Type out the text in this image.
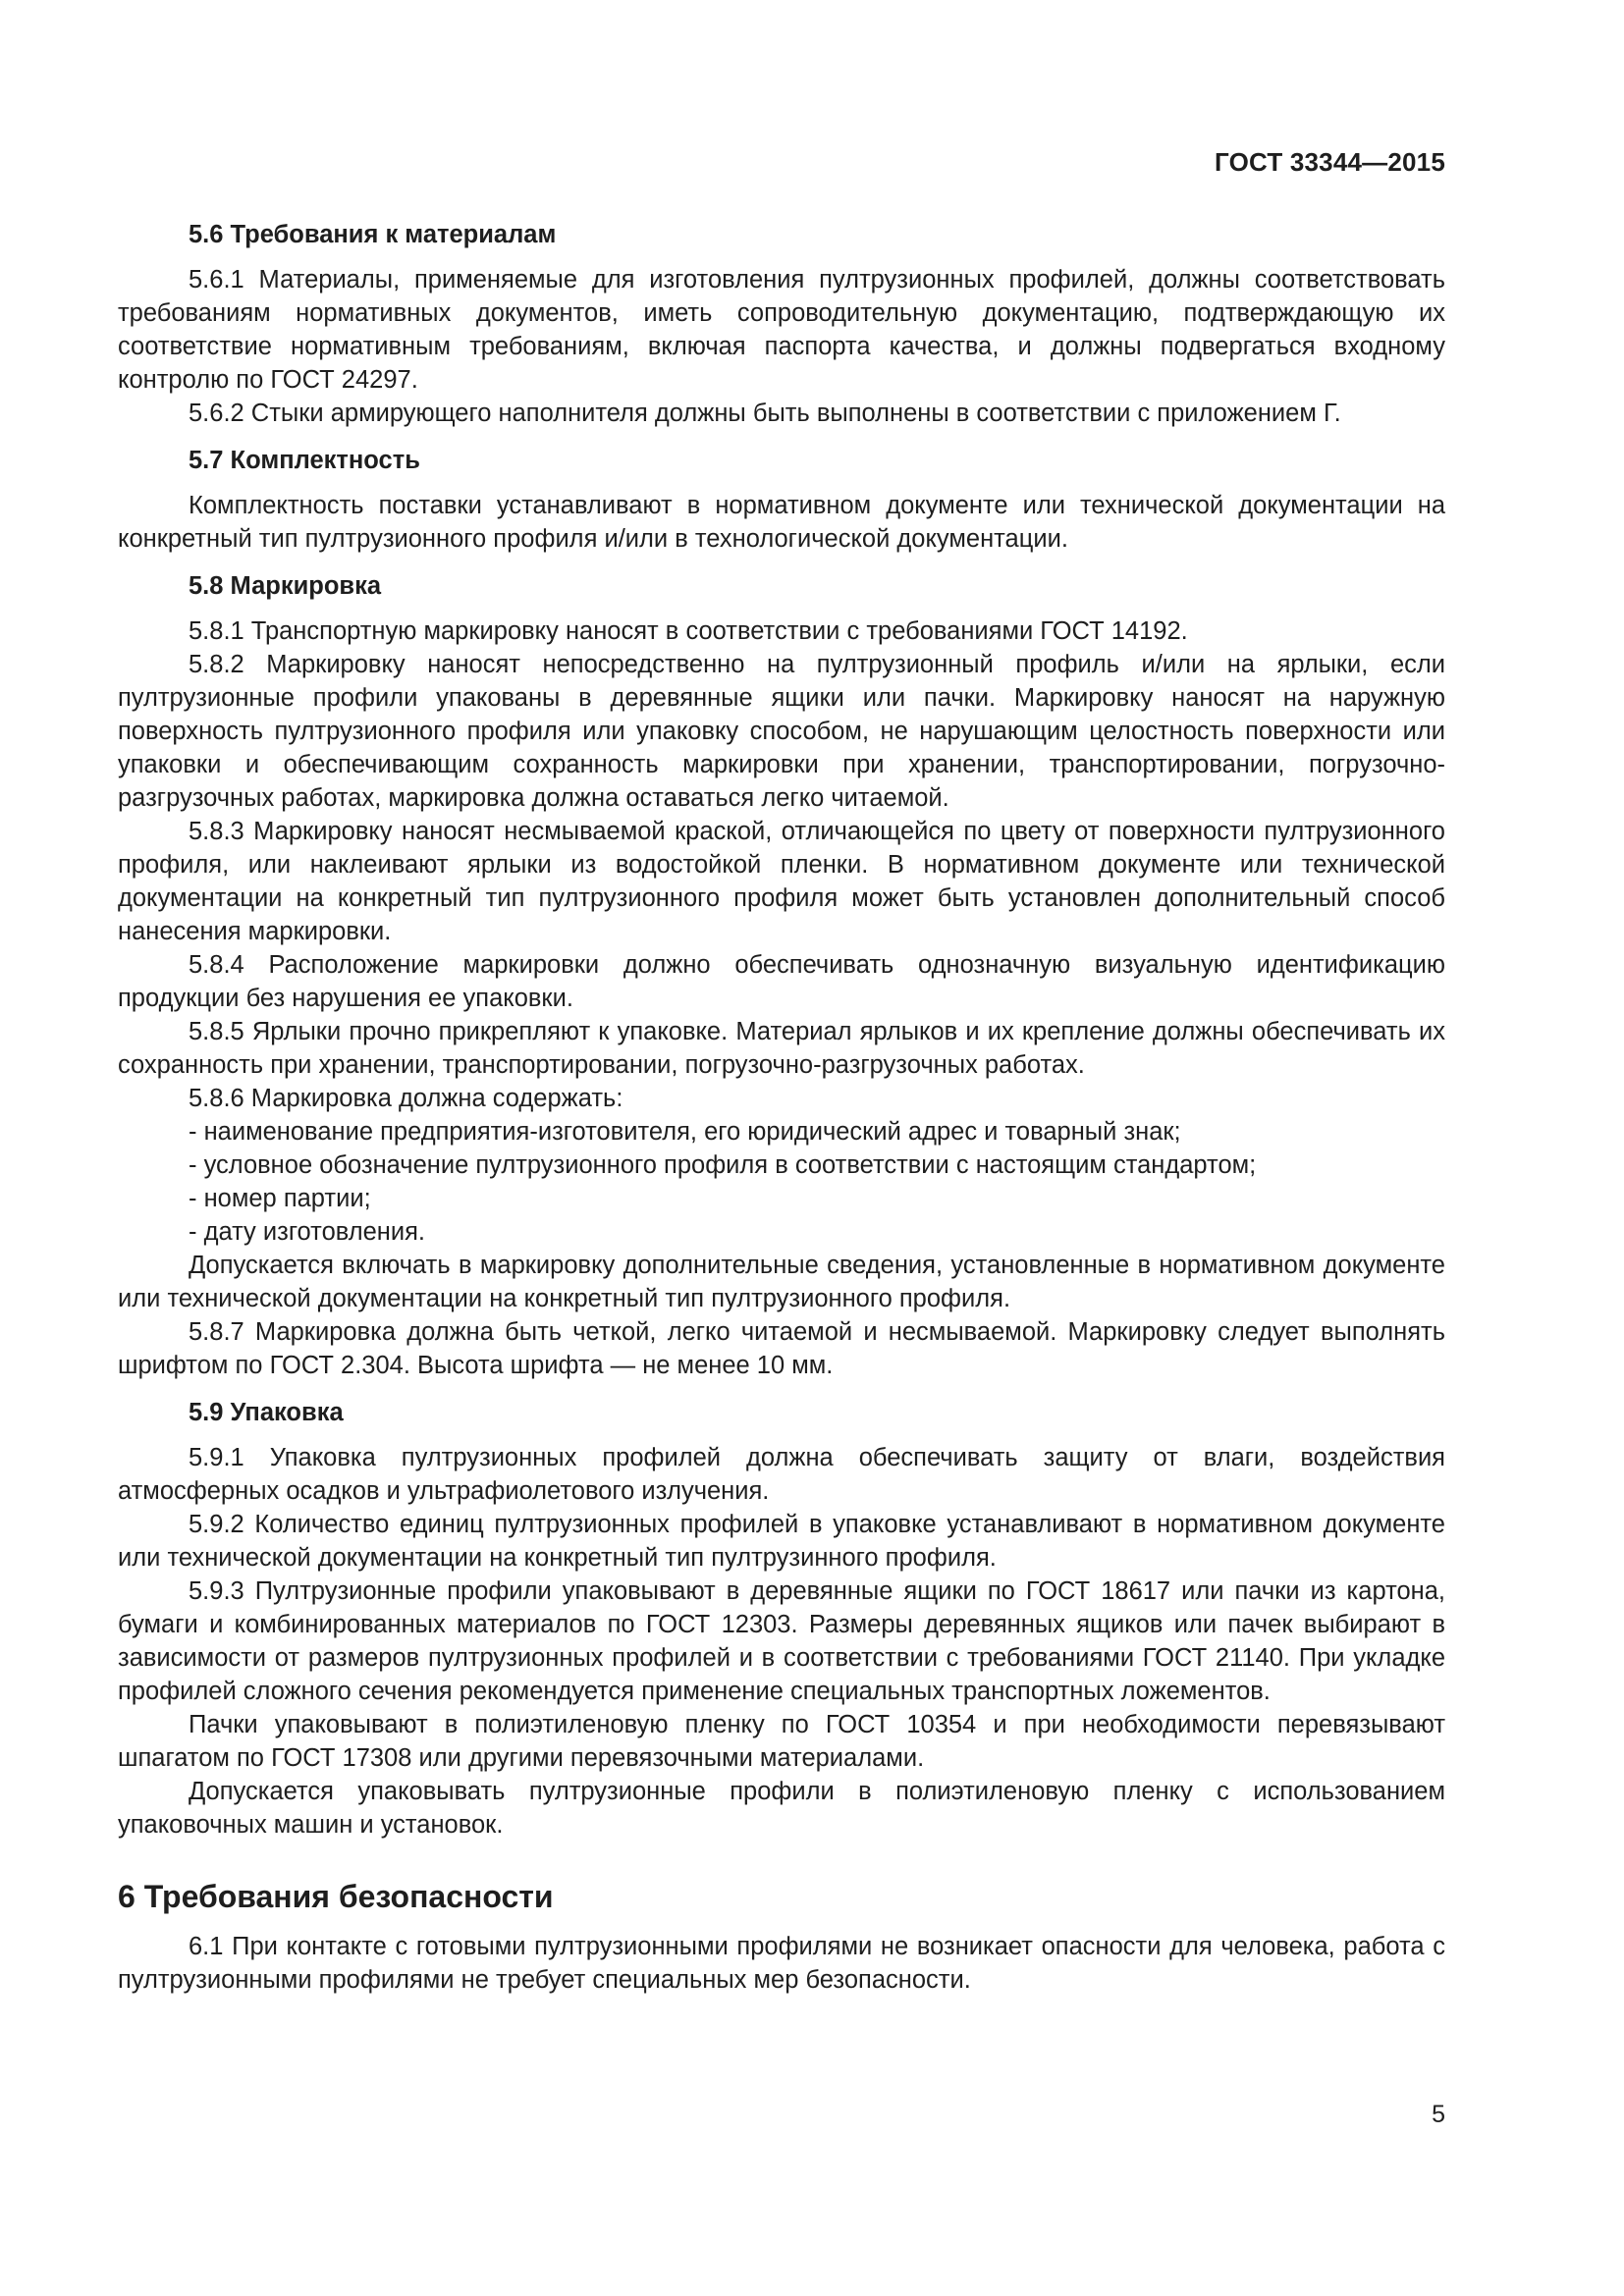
ГОСТ 33344—2015
5.6 Требования к материалам

5.6.1 Материалы, применяемые для изготовления пултрузионных профилей, должны соответствовать требованиям нормативных документов, иметь сопроводительную документацию, подтверждающую их соответствие нормативным требованиям, включая паспорта качества, и должны подвергаться входному контролю по ГОСТ 24297.

5.6.2 Стыки армирующего наполнителя должны быть выполнены в соответствии с приложением Г.

5.7 Комплектность

Комплектность поставки устанавливают в нормативном документе или технической документации на конкретный тип пултрузионного профиля и/или в технологической документации.

5.8 Маркировка

5.8.1 Транспортную маркировку наносят в соответствии с требованиями ГОСТ 14192.

5.8.2 Маркировку наносят непосредственно на пултрузионный профиль и/или на ярлыки, если пултрузионные профили упакованы в деревянные ящики или пачки. Маркировку наносят на наружную поверхность пултрузионного профиля или упаковку способом, не нарушающим целостность поверхности или упаковки и обеспечивающим сохранность маркировки при хранении, транспортировании, погрузочно-разгрузочных работах, маркировка должна оставаться легко читаемой.

5.8.3 Маркировку наносят несмываемой краской, отличающейся по цвету от поверхности пултрузионного профиля, или наклеивают ярлыки из водостойкой пленки. В нормативном документе или технической документации на конкретный тип пултрузионного профиля может быть установлен дополнительный способ нанесения маркировки.

5.8.4 Расположение маркировки должно обеспечивать однозначную визуальную идентификацию продукции без нарушения ее упаковки.

5.8.5 Ярлыки прочно прикрепляют к упаковке. Материал ярлыков и их крепление должны обеспечивать их сохранность при хранении, транспортировании, погрузочно-разгрузочных работах.

5.8.6 Маркировка должна содержать:

- наименование предприятия-изготовителя, его юридический адрес и товарный знак;

- условное обозначение пултрузионного профиля в соответствии с настоящим стандартом;

- номер партии;

- дату изготовления.

Допускается включать в маркировку дополнительные сведения, установленные в нормативном документе или технической документации на конкретный тип пултрузионного профиля.

5.8.7 Маркировка должна быть четкой, легко читаемой и несмываемой. Маркировку следует выполнять шрифтом по ГОСТ 2.304. Высота шрифта — не менее 10 мм.

5.9 Упаковка

5.9.1 Упаковка пултрузионных профилей должна обеспечивать защиту от влаги, воздействия атмосферных осадков и ультрафиолетового излучения.

5.9.2 Количество единиц пултрузионных профилей в упаковке устанавливают в нормативном документе или технической документации на конкретный тип пултрузинного профиля.

5.9.3 Пултрузионные профили упаковывают в деревянные ящики по ГОСТ 18617 или пачки из картона, бумаги и комбинированных материалов по ГОСТ 12303. Размеры деревянных ящиков или пачек выбирают в зависимости от размеров пултрузионных профилей и в соответствии с требованиями ГОСТ 21140. При укладке профилей сложного сечения рекомендуется применение специальных транспортных ложементов.

Пачки упаковывают в полиэтиленовую пленку по ГОСТ 10354 и при необходимости перевязывают шпагатом по ГОСТ 17308 или другими перевязочными материалами.

Допускается упаковывать пултрузионные профили в полиэтиленовую пленку с использованием упаковочных машин и установок.

6 Требования безопасности

6.1 При контакте с готовыми пултрузионными профилями не возникает опасности для человека, работа с пултрузионными профилями не требует специальных мер безопасности.

5
